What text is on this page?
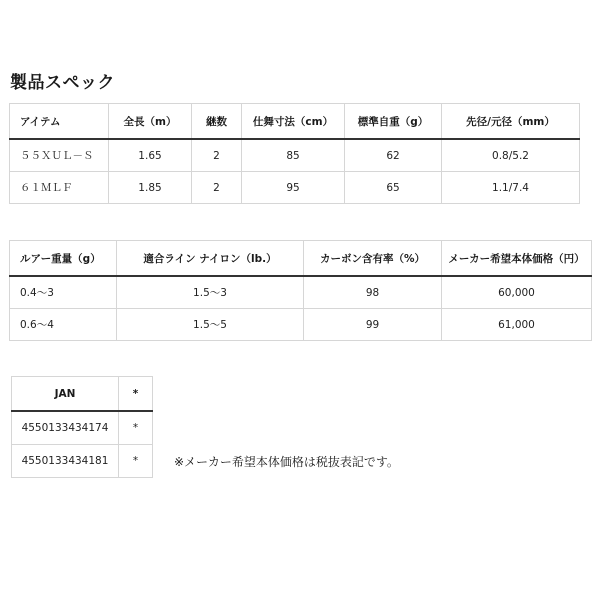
製品スペック
アイテム	全長（m）	継数	仕舞寸法（cm）	標準自重（g）	先径/元径（mm）
５５ＸＵＬ－Ｓ	1.65	2	85	62	0.8/5.2
６１ＭＬＦ	1.85	2	95	65	1.1/7.4
ルアー重量（g）	適合ライン ナイロン（lb.）	カーボン含有率（%）	メーカー希望本体価格（円）
0.4～3	1.5～3	98	60,000
0.6～4	1.5～5	99	61,000
JAN	*
4550133434174	*
4550133434181	*	※メーカー希望本体価格は税抜表記です。
